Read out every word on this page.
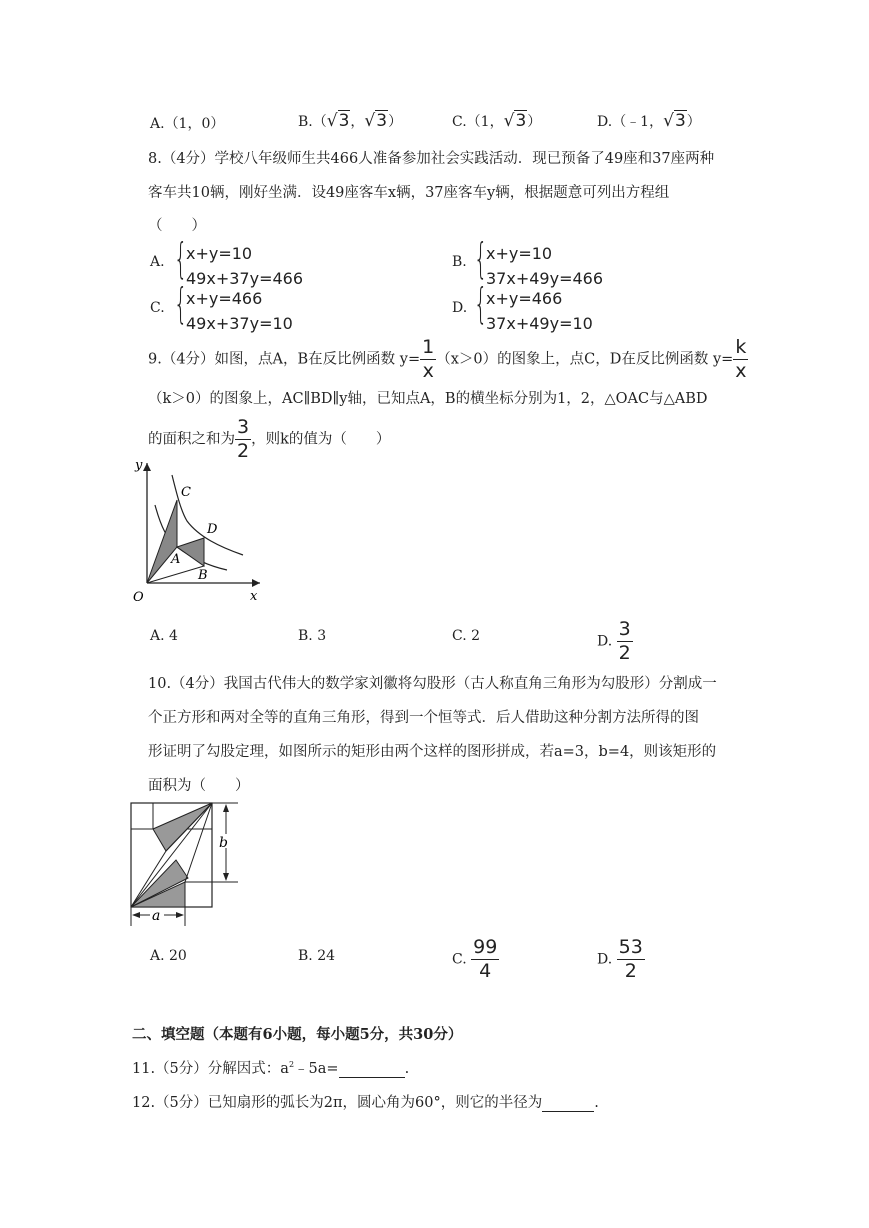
A.（1，0）	B.（√3，√3）	C.（1，√3）	D.（﹣1，√3）
8.（4分）学校八年级师生共466人准备参加社会实践活动．现已预备了49座和37座两种
客车共10辆，刚好坐满．设49座客车x辆，37座客车y辆，根据题意可列出方程组
（　　）
A. {
x+y=10
49x+37y=466
B. {
x+y=10
37x+49y=466
C. {
x+y=466
49x+37y=10
D. {
x+y=466
37x+49y=10
9.（4分）如图，点A，B在反比例函数 $y= \frac{1}{x} (x>0)$的图象上，点C，D在反比例函数 $y= \frac{k}{x}$
（k＞0）的图象上，AC∥BD∥y轴，已知点A，B的横坐标分别为1，2，△OAC与△ABD
的面积之和为 $\frac{3}{2}$ ，则k的值为（　　）
y
x
O
C
D
A
B
A. 4	B. 3	C. 2	D. $\frac{3}{2}$
10.（4分）我国古代伟大的数学家刘徽将勾股形（古人称直角三角形为勾股形）分割成一
个正方形和两对全等的直角三角形，得到一个恒等式．后人借助这种分割方法所得的图
形证明了勾股定理，如图所示的矩形由两个这样的图形拼成，若a=3，b=4，则该矩形的
面积为（　　）
b
a
A. 20	B. 24	C. $\frac{99}{4}$	D. $\frac{53}{2}$
二、填空题（本题有6小题，每小题5分，共30分）
11.（5分）分解因式：$a^2﹣5a=$	.
12.（5分）已知扇形的弧长为2π，圆心角为60°，则它的半径为	.
